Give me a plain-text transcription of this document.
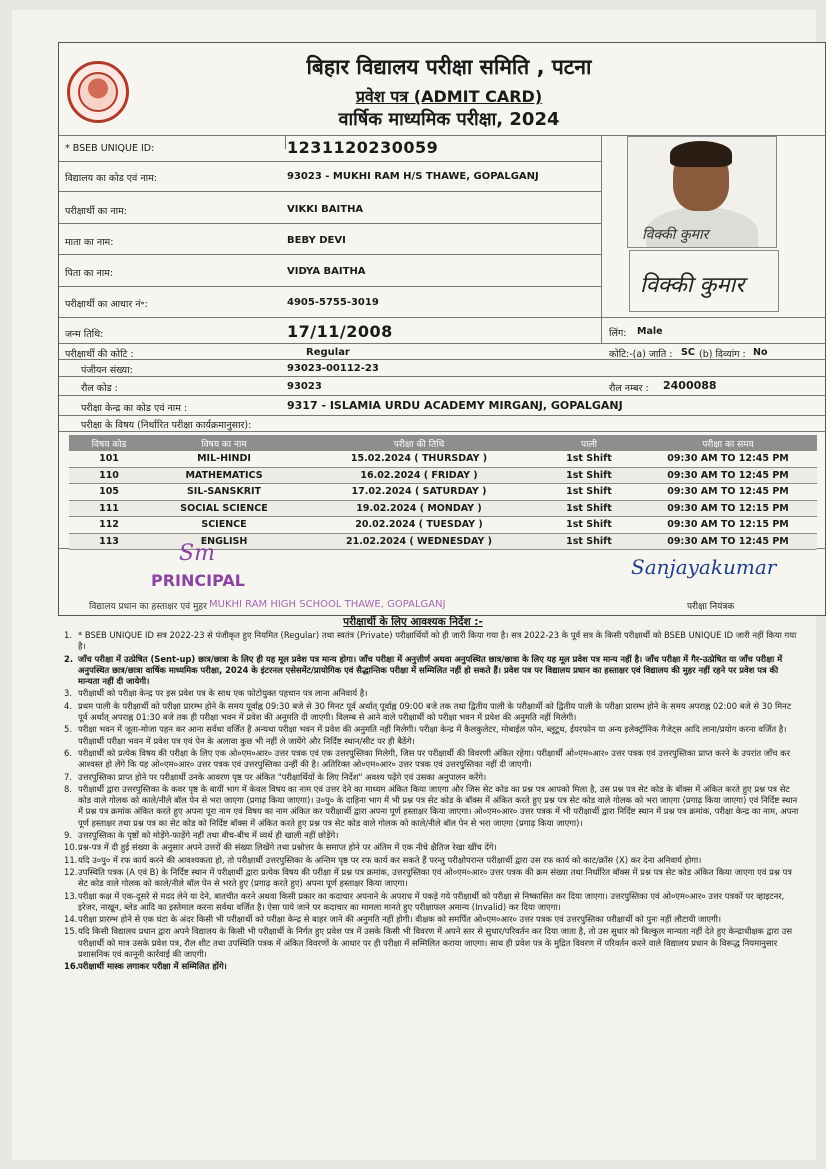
बिहार विद्यालय परीक्षा समिति , पटना
प्रवेश पत्र (ADMIT CARD)
वार्षिक माध्यमिक परीक्षा, 2024
* BSEB UNIQUE ID:	1231120230059
विद्यालय का कोड एवं नाम:	93023 - MUKHI RAM H/S THAWE, GOPALGANJ
परीक्षार्थी का नाम:	VIKKI BAITHA
माता का नाम:	BEBY DEVI
पिता का नाम:	VIDYA BAITHA
परीक्षार्थी का आधार नं॰:	4905-5755-3019
जन्म तिथि:	17/11/2008	लिंग: Male
परीक्षार्थी की कोटि :	Regular	कोटि:-(a) जाति : SC (b) दिव्यांग : No
पंजीयन संख्या:	93023-00112-23
रौल कोड :	93023	रौल नम्बर : 2400088
परीक्षा केन्द्र का कोड एवं नाम :	9317 - ISLAMIA URDU ACADEMY MIRGANJ, GOPALGANJ
परीक्षा के विषय (निर्धारित परीक्षा कार्यक्रमानुसार):
विक्की कुमार
विक्की कुमार
विषय कोड	विषय का नाम	परीक्षा की तिथि	पाली	परीक्षा का समय
101	MIL-HINDI	15.02.2024 ( THURSDAY )	1st Shift	09:30 AM TO 12:45 PM
110	MATHEMATICS	16.02.2024 ( FRIDAY )	1st Shift	09:30 AM TO 12:45 PM
105	SIL-SANSKRIT	17.02.2024 ( SATURDAY )	1st Shift	09:30 AM TO 12:45 PM
111	SOCIAL SCIENCE	19.02.2024 ( MONDAY )	1st Shift	09:30 AM TO 12:15 PM
112	SCIENCE	20.02.2024 ( TUESDAY )	1st Shift	09:30 AM TO 12:15 PM
113	ENGLISH	21.02.2024 ( WEDNESDAY )	1st Shift	09:30 AM TO 12:45 PM
Sm
PRINCIPAL
विद्यालय प्रधान का हस्ताक्षर एवं मुहर MUKHI RAM HIGH SCHOOL THAWE, GOPALGANJ
Sanjayakumar
परीक्षा नियंत्रक
परीक्षार्थी के लिए आवश्यक निर्देश :-
1. * BSEB UNIQUE ID सत्र 2022-23 से पंजीकृत हुए नियमित (Regular) तथा स्वतंत्र (Private) परीक्षार्थियों को ही जारी किया गया है। सत्र 2022-23 के पूर्व सत्र के किसी परीक्षार्थी को BSEB UNIQUE ID जारी नहीं किया गया है।
2. जाँच परीक्षा में उत्प्रेषित (Sent-up) छात्र/छात्रा के लिए ही यह मूल प्रवेश पत्र मान्य होगा। जाँच परीक्षा में अनुत्तीर्ण अथवा अनुपस्थित छात्र/छात्रा के लिए यह मूल प्रवेश पत्र मान्य नहीं है। जाँच परीक्षा में गैर-उत्प्रेषित या जाँच परीक्षा में अनुपस्थित छात्र/छात्रा वार्षिक माध्यमिक परीक्षा, 2024 के इंटरनल एसेसमेंट/प्रायोगिक एवं सैद्धान्तिक परीक्षा में सम्मिलित नहीं हो सकते हैं। प्रवेश पत्र पर विद्यालय प्रधान का हस्ताक्षर एवं विद्यालय की मुहर नहीं रहने पर प्रवेश पत्र की मान्यता नहीं दी जायेगी।
3. परीक्षार्थी को परीक्षा केन्द्र पर इस प्रवेश पत्र के साथ एक फोटोयुक्त पहचान पत्र लाना अनिवार्य है।
4. प्रथम पाली के परीक्षार्थी को परीक्षा प्रारम्भ होने के समय पूर्वाह्न 09:30 बजे से 30 मिनट पूर्व अर्थात् पूर्वाह्न 09:00 बजे तक तथा द्वितीय पाली के परीक्षार्थी को द्वितीय पाली के परीक्षा प्रारम्भ होने के समय अपराह्न 02:00 बजे से 30 मिनट पूर्व अर्थात् अपराह्न 01:30 बजे तक ही परीक्षा भवन में प्रवेश की अनुमति दी जाएगी। विलम्ब से आने वाले परीक्षार्थी को परीक्षा भवन में प्रवेश की अनुमति नहीं मिलेगी।
5. परीक्षा भवन में जूता-मोजा पहन कर आना सर्वथा वर्जित है अन्यथा परीक्षा भवन में प्रवेश की अनुमति नहीं मिलेगी। परीक्षा केन्द्र में कैलकुलेटर, मोबाईल फोन, ब्लूटूथ, ईयरफोन या अन्य इलेक्ट्रॉनिक गैजेट्स आदि लाना/प्रयोग करना वर्जित है। परीक्षार्थी परीक्षा भवन में प्रवेश पत्र एवं पेन के अलावा कुछ भी नहीं ले जायेंगे और निर्दिष्ट स्थान/सीट पर ही बैठेंगे।
6. परीक्षार्थी को प्रत्येक विषय की परीक्षा के लिए एक ओ०एम०आर० उत्तर पत्रक एवं एक उत्तरपुस्तिका मिलेगी, जिस पर परीक्षार्थी की विवरणी अंकित रहेगा। परीक्षार्थी ओ०एम०आर० उत्तर पत्रक एवं उत्तरपुस्तिका प्राप्त करने के उपरांत जाँच कर आश्वस्त हो लेंगे कि यह ओ०एम०आर० उत्तर पत्रक एवं उत्तरपुस्तिका उन्हीं की है। अतिरिक्त ओ०एम०आर० उत्तर पत्रक एवं उत्तरपुस्तिका नहीं दी जाएगी।
7. उत्तरपुस्तिका प्राप्त होने पर परीक्षार्थी उनके आवरण पृष्ठ पर अंकित "परीक्षार्थियों के लिए निर्देश" अवश्य पढ़ेंगे एवं उसका अनुपालन करेंगे।
8. परीक्षार्थी द्वारा उत्तरपुस्तिका के कवर पृष्ठ के बायीं भाग में केवल विषय का नाम एवं उत्तर देने का माध्यम अंकित किया जाएगा और जिस सेट कोड का प्रश्न पत्र आपको मिला है, उस प्रश्न पत्र सेट कोड के बॉक्स में अंकित करते हुए प्रश्न पत्र सेट कोड वाले गोलक को काले/नीले बॉल पेन से भरा जाएगा (प्रगाढ़ किया जाएगा)। उ०पु० के दाहिना भाग में भी प्रश्न पत्र सेट कोड के बॉक्स में अंकित करते हुए प्रश्न पत्र सेट कोड वाले गोलक को भरा जाएगा (प्रगाढ़ किया जाएगा) एवं निर्दिष्ट स्थान में प्रश्न पत्र क्रमांक अंकित करते हुए अपना पूरा नाम एवं विषय का नाम अंकित कर परीक्षार्थी द्वारा अपना पूर्ण हस्ताक्षर किया जाएगा। ओ०एम०आर० उत्तर पत्रक में भी परीक्षार्थी द्वारा निर्दिष्ट स्थान में प्रश्न पत्र क्रमांक, परीक्षा केन्द्र का नाम, अपना पूर्ण हस्ताक्षर तथा प्रश्न पत्र का सेट कोड को निर्दिष्ट बॉक्स में अंकित करते हुए प्रश्न पत्र सेट कोड वाले गोलक को काले/नीले बॉल पेन से भरा जाएगा (प्रगाढ़ किया जाएगा)।
9. उत्तरपुस्तिका के पृष्ठों को मोड़ेंगे-फाड़ेंगे नहीं तथा बीच-बीच में व्यर्थ ही खाली नहीं छोड़ेंगे।
10.प्रश्न-पत्र में दी हुई संख्या के अनुसार अपने उत्तरों की संख्या लिखेंगे तथा प्रश्नोत्तर के समाप्त होने पर अंतिम में एक नीचे क्षैतिज रेखा खींच देंगे।
11.यदि उ०पु० में रफ कार्य करने की आवश्यकता हो, तो परीक्षार्थी उत्तरपुस्तिका के अन्तिम पृष्ठ पर रफ कार्य कर सकते हैं परन्तु परीक्षोपरान्त परीक्षार्थी द्वारा उस रफ कार्य को काट/क्रॉस (X) कर देना अनिवार्य होगा।
12.उपस्थिति पत्रक (A एवं B) के निर्दिष्ट स्थान में परीक्षार्थी द्वारा प्रत्येक विषय की परीक्षा में प्रश्न पत्र क्रमांक, उत्तरपुस्तिका एवं ओ०एम०आर० उत्तर पत्रक की क्रम संख्या तथा निर्धारित बॉक्स में प्रश्न पत्र सेट कोड अंकित किया जाएगा एवं प्रश्न पत्र सेट कोड वाले गोलक को काले/नीले बॉल पेन से भरते हुए (प्रगाढ़ करते हुए) अपना पूर्ण हस्ताक्षर किया जाएगा।
13.परीक्षा कक्ष में एक-दूसरे से मदद लेने या देने, बातचीत करने अथवा किसी प्रकार का कदाचार अपनाने के अपराध में पकड़े गये परीक्षार्थी को परीक्षा से निष्कासित कर दिया जाएगा। उत्तरपुस्तिका एवं ओ०एम०आर० उत्तर पत्रकों पर व्हाइटनर, इरेजर, नाखून, ब्लेड आदि का इस्तेमाल करना सर्वथा वर्जित है। ऐसा पाये जाने पर कदाचार का मामला मानते हुए परीक्षाफल अमान्य (Invalid) कर दिया जाएगा।
14.परीक्षा प्रारम्भ होने से एक घंटा के अंदर किसी भी परीक्षार्थी को परीक्षा केन्द्र से बाहर जाने की अनुमति नहीं होगी। वीक्षक को समर्पित ओ०एम०आर० उत्तर पत्रक एवं उत्तरपुस्तिका परीक्षार्थी को पुनः नहीं लौटायी जाएगी।
15.यदि किसी विद्यालय प्रधान द्वारा अपने विद्यालय के किसी भी परीक्षार्थी के निर्गत हुए प्रवेश पत्र में उसके किसी भी विवरण में अपने स्तर से सुधार/परिवर्तन कर दिया जाता है, तो उस सुधार को बिल्कुल मान्यता नहीं देते हुए केन्द्राधीक्षक द्वारा उस परीक्षार्थी को मात्र उसके प्रवेश पत्र, रौल शीट तथा उपस्थिति पत्रक में अंकित विवरणों के आधार पर ही परीक्षा में सम्मिलित कराया जाएगा। साथ ही प्रवेश पत्र के मुद्रित विवरण में परिवर्तन करने वाले विद्यालय प्रधान के विरूद्ध नियमानुसार प्रशासनिक एवं कानूनी कार्रवाई की जाएगी।
16.परीक्षार्थी मास्क लगाकर परीक्षा में सम्मिलित होंगे।
